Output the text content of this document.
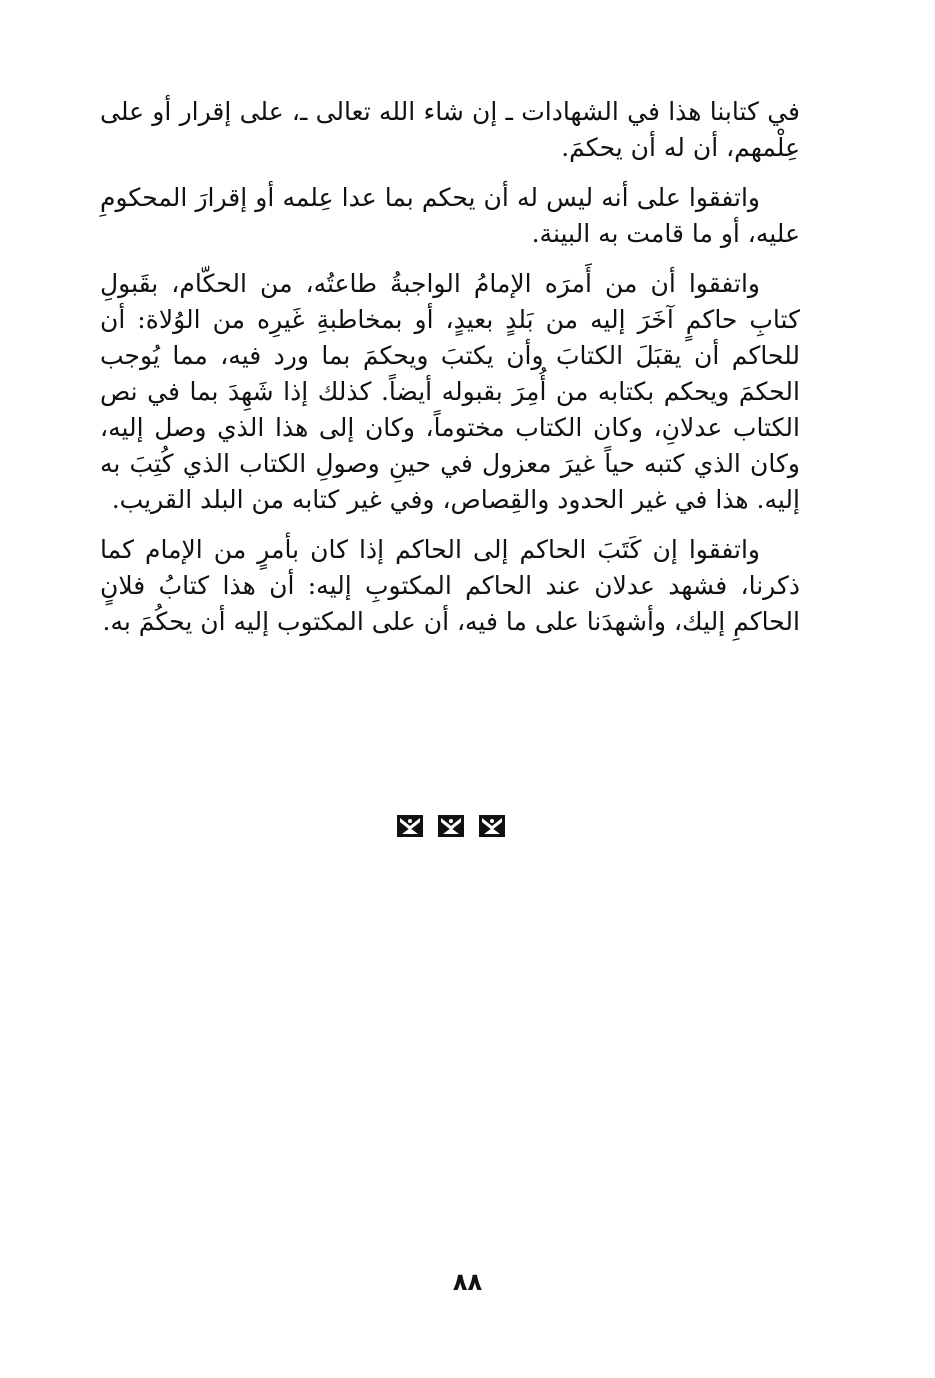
في كتابنا هذا في الشهادات ـ إن شاء الله تعالى ـ، على إقرار أو على عِلْمهم، أن له أن يحكمَ.

واتفقوا على أنه ليس له أن يحكم بما عدا عِلمه أو إقرارَ المحكومِ عليه، أو ما قامت به البينة.

واتفقوا أن من أَمرَه الإمامُ الواجبةُ طاعتُه، من الحكّام، بقَبولِ كتابِ حاكمٍ آخَرَ إليه من بَلدٍ بعيدٍ، أو بمخاطبةِ غَيرِه من الوُلاة: أن للحاكم أن يقبَلَ الكتابَ وأن يكتبَ ويحكمَ بما ورد فيه، مما يُوجب الحكمَ ويحكم بكتابه من أُمِرَ بقبوله أيضاً. كذلك إذا شَهِدَ بما في نص الكتاب عدلانِ، وكان الكتاب مختوماً، وكان إلى هذا الذي وصل إليه، وكان الذي كتبه حياً غيرَ معزول في حينِ وصولِ الكتاب الذي كُتِبَ به إليه. هذا في غير الحدود والقِصاص، وفي غير كتابه من البلد القريب.

واتفقوا إن كَتَبَ الحاكم إلى الحاكم إذا كان بأمرٍ من الإمام كما ذكرنا، فشهد عدلان عند الحاكم المكتوبِ إليه: أن هذا كتابُ فلانٍ الحاكمِ إليك، وأشهدَنا على ما فيه، أن على المكتوب إليه أن يحكُمَ به.

٨٨
